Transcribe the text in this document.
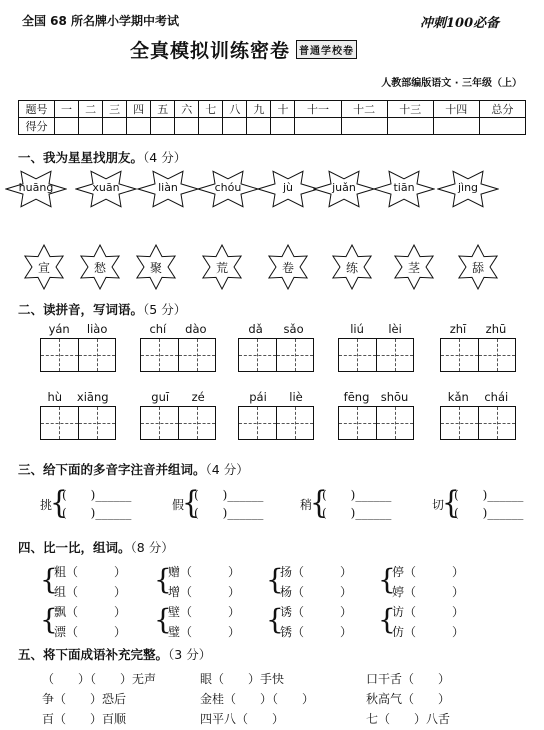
全国 68 所名牌小学期中考试	冲刺100必备
全真模拟训练密卷 普通学校卷
人教部编版语文 · 三年级（上）
题号	一	二	三	四	五	六	七	八	九	十	十一	十二	十三	十四	总分
得分															
一、我为星星找朋友。（4 分）
huāng	xuān	liàn	chóu	jù	juǎn	tiān	jìng
宣	愁	聚	荒	卷	练	茎	舔
二、读拼音，写词语。（5 分）
yán liào	chí dào	dǎ sǎo	liú lèi	zhī zhū
hù xiāng	guī zé	pái liè	fēng shōu	kǎn chái
三、给下面的多音字注音并组词。（4 分）
挑
{
(　　)______
(　　)______
假
{
(　　)______
(　　)______
稍
{
(　　)______
(　　)______
切
{
(　　)______
(　　)______
四、比一比，组词。（8 分）
{
粗（　　　）
组（　　　） {
赠（　　　）
增（　　　） {
扬（　　　）
杨（　　　） {
停（　　　）
婷（　　　）
{
飘（　　　）
漂（　　　） {
壁（　　　）
璧（　　　） {
诱（　　　）
锈（　　　） {
访（　　　）
仿（　　　）
五、将下面成语补充完整。（3 分）
（　　）（　　）无声	眼（　　）手快	口干舌（　　）
争（　　）恐后	金桂（　　）（　　）	秋高气（　　）
百（　　）百顺	四平八（　　）	七（　　）八舌
